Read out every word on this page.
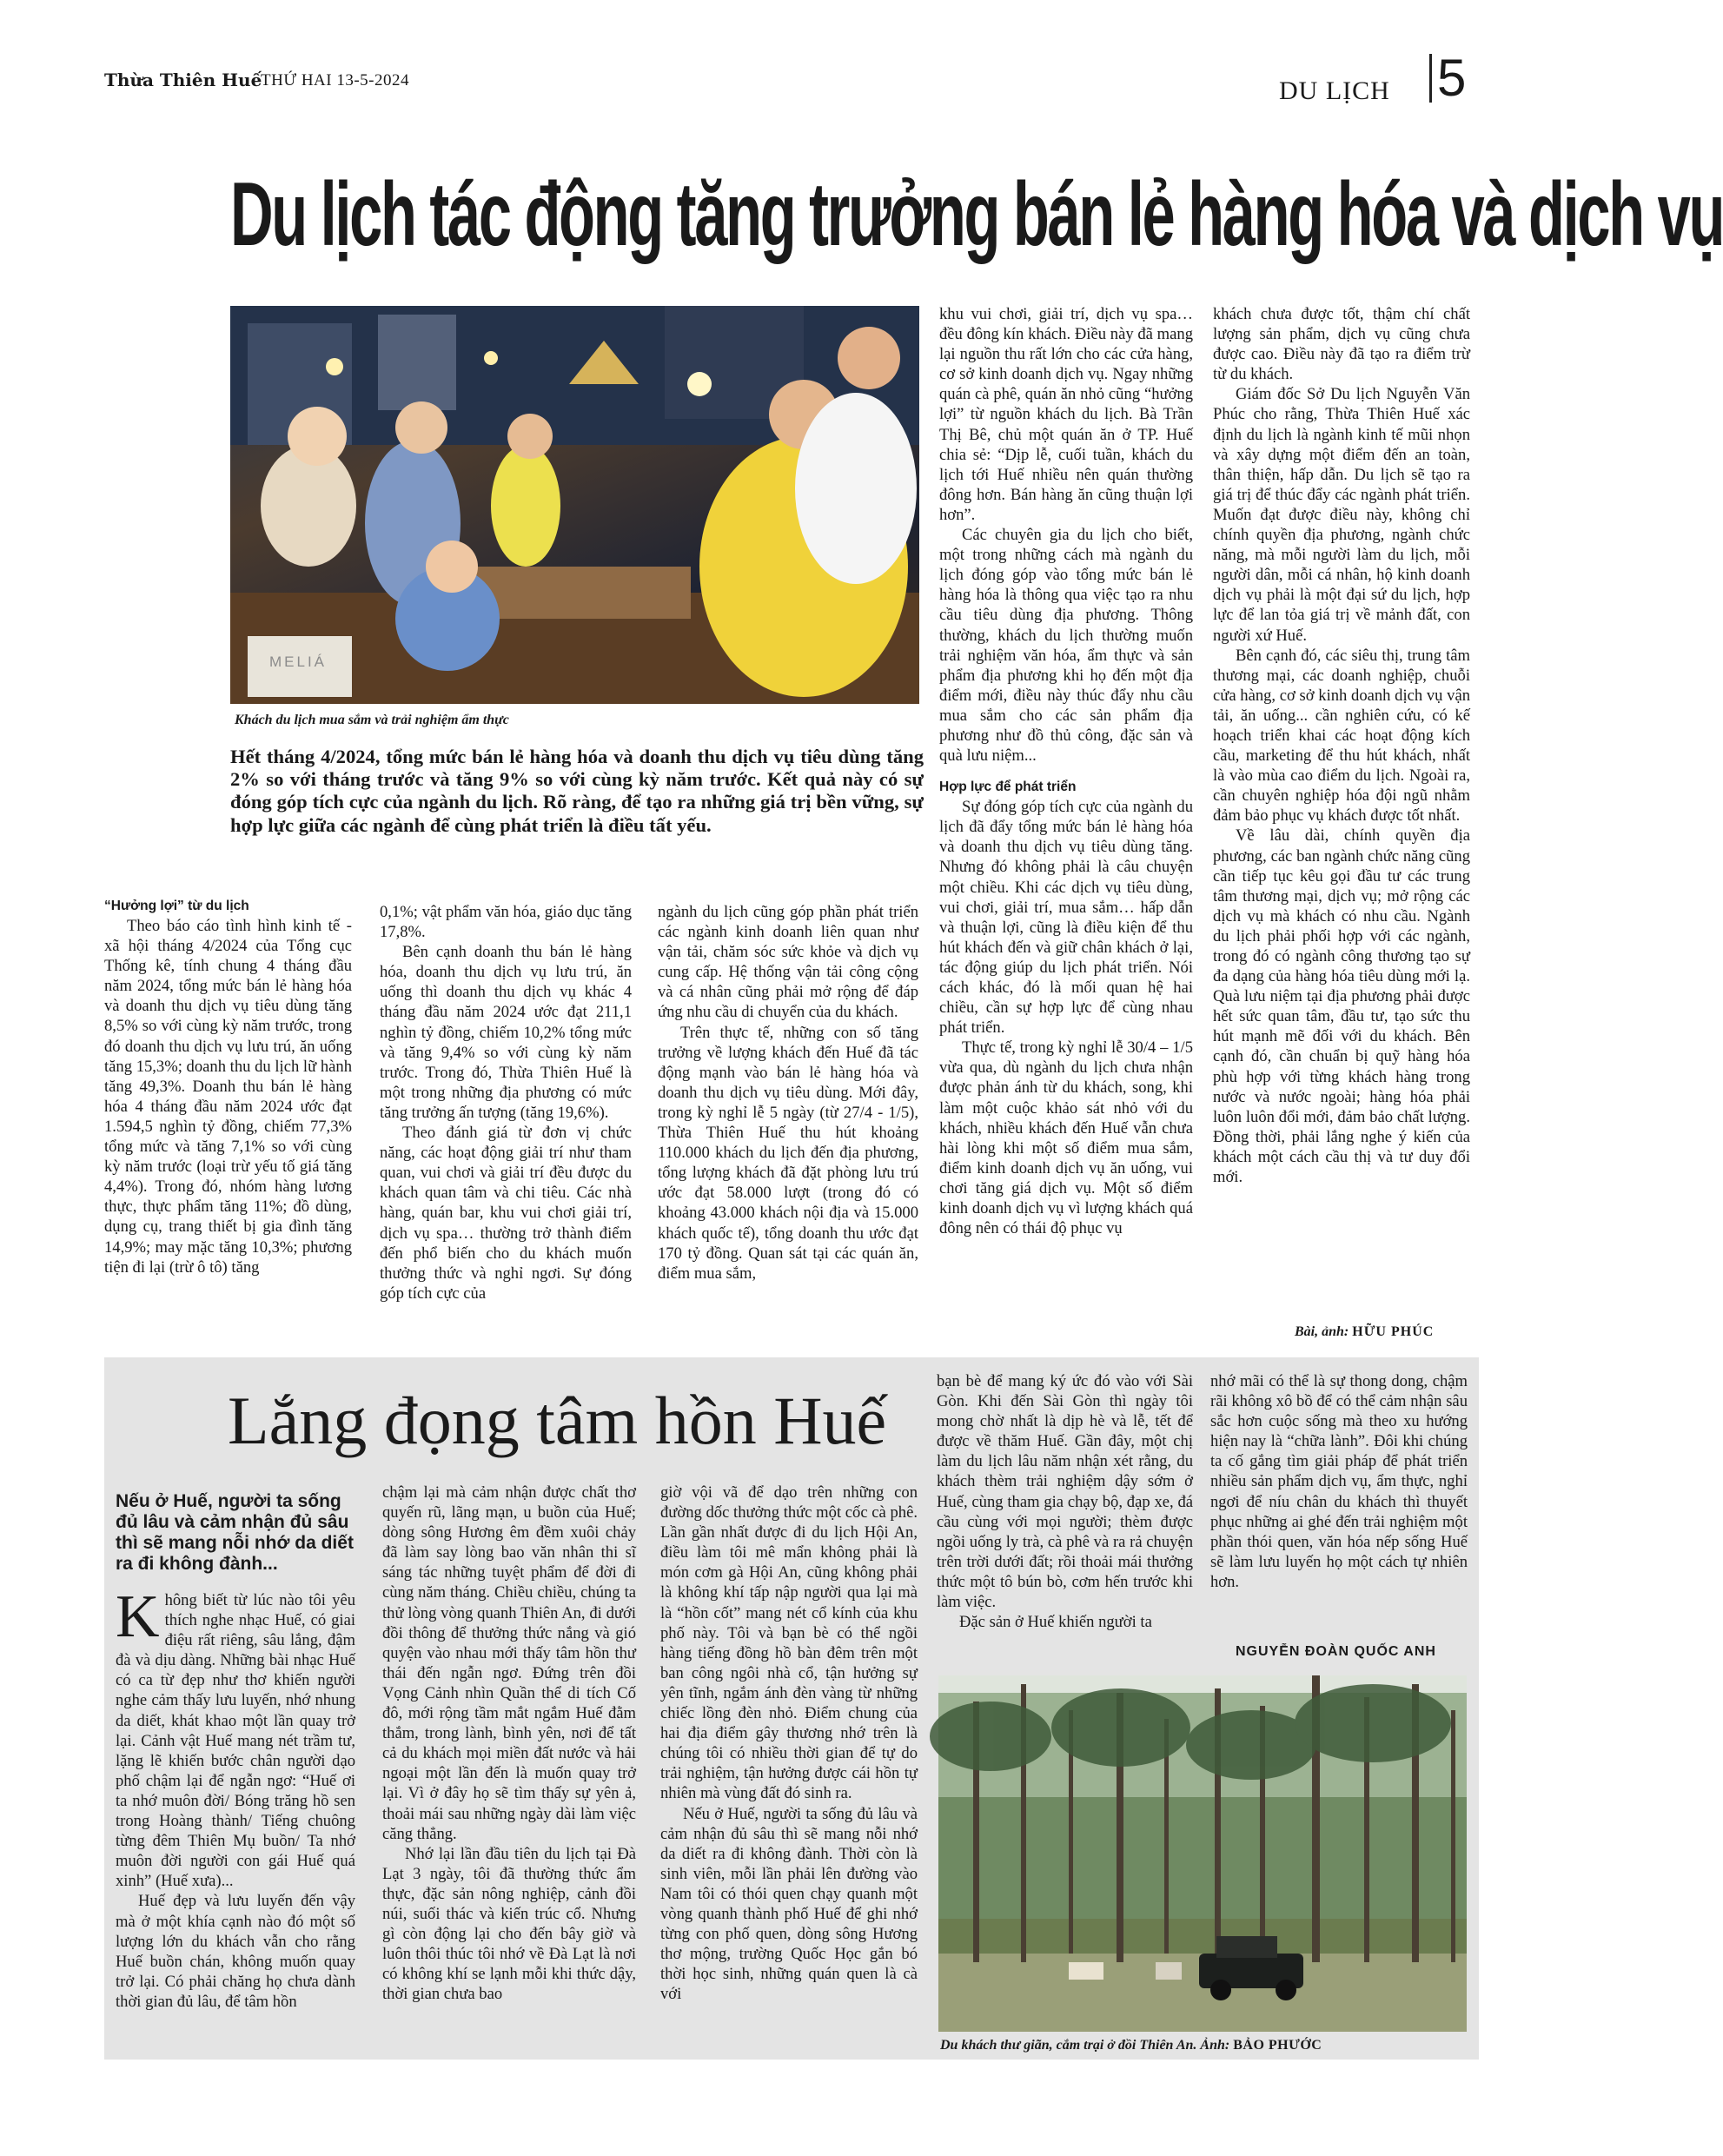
Thừa Thiên Huế
THỨ HAI 13-5-2024	DU LỊCH 5
Du lịch tác động tăng trưởng bán lẻ hàng hóa và dịch vụ
MELIÁ
Khách du lịch mua sắm và trải nghiệm ẩm thực
Hết tháng 4/2024, tổng mức bán lẻ hàng hóa và doanh thu dịch vụ tiêu dùng tăng 2% so với tháng trước và tăng 9% so với cùng kỳ năm trước. Kết quả này có sự đóng góp tích cực của ngành du lịch. Rõ ràng, để tạo ra những giá trị bền vững, sự hợp lực giữa các ngành để cùng phát triển là điều tất yếu.

khu vui chơi, giải trí, dịch vụ spa… đều đông kín khách. Điều này đã mang lại nguồn thu rất lớn cho các cửa hàng, cơ sở kinh doanh dịch vụ. Ngay những quán cà phê, quán ăn nhỏ cũng “hưởng lợi” từ nguồn khách du lịch. Bà Trần Thị Bê, chủ một quán ăn ở TP. Huế chia sẻ: “Dịp lễ, cuối tuần, khách du lịch tới Huế nhiều nên quán thường đông hơn. Bán hàng ăn cũng thuận lợi hơn”.

Các chuyên gia du lịch cho biết, một trong những cách mà ngành du lịch đóng góp vào tổng mức bán lẻ hàng hóa là thông qua việc tạo ra nhu cầu tiêu dùng địa phương. Thông thường, khách du lịch thường muốn trải nghiệm văn hóa, ẩm thực và sản phẩm địa phương khi họ đến một địa điểm mới, điều này thúc đẩy nhu cầu mua sắm cho các sản phẩm địa phương như đồ thủ công, đặc sản và quà lưu niệm...

Hợp lực để phát triển

Sự đóng góp tích cực của ngành du lịch đã đẩy tổng mức bán lẻ hàng hóa và doanh thu dịch vụ tiêu dùng tăng. Nhưng đó không phải là câu chuyện một chiều. Khi các dịch vụ tiêu dùng, vui chơi, giải trí, mua sắm… hấp dẫn và thuận lợi, cũng là điều kiện để thu hút khách đến và giữ chân khách ở lại, tác động giúp du lịch phát triển. Nói cách khác, đó là mối quan hệ hai chiều, cần sự hợp lực để cùng nhau phát triển.

Thực tế, trong kỳ nghỉ lễ 30/4 – 1/5 vừa qua, dù ngành du lịch chưa nhận được phản ánh từ du khách, song, khi làm một cuộc khảo sát nhỏ với du khách, nhiều khách đến Huế vẫn chưa hài lòng khi một số điểm mua sắm, điểm kinh doanh dịch vụ ăn uống, vui chơi tăng giá dịch vụ. Một số điểm kinh doanh dịch vụ vì lượng khách quá đông nên có thái độ phục vụ

khách chưa được tốt, thậm chí chất lượng sản phẩm, dịch vụ cũng chưa được cao. Điều này đã tạo ra điểm trừ từ du khách.

Giám đốc Sở Du lịch Nguyễn Văn Phúc cho rằng, Thừa Thiên Huế xác định du lịch là ngành kinh tế mũi nhọn và xây dựng một điểm đến an toàn, thân thiện, hấp dẫn. Du lịch sẽ tạo ra giá trị để thúc đẩy các ngành phát triển. Muốn đạt được điều này, không chỉ chính quyền địa phương, ngành chức năng, mà mỗi người làm du lịch, mỗi người dân, mỗi cá nhân, hộ kinh doanh dịch vụ phải là một đại sứ du lịch, hợp lực để lan tỏa giá trị về mảnh đất, con người xứ Huế.

Bên cạnh đó, các siêu thị, trung tâm thương mại, các doanh nghiệp, chuỗi cửa hàng, cơ sở kinh doanh dịch vụ vận tải, ăn uống... cần nghiên cứu, có kế hoạch triển khai các hoạt động kích cầu, marketing để thu hút khách, nhất là vào mùa cao điểm du lịch. Ngoài ra, cần chuyên nghiệp hóa đội ngũ nhằm đảm bảo phục vụ khách được tốt nhất.

Về lâu dài, chính quyền địa phương, các ban ngành chức năng cũng cần tiếp tục kêu gọi đầu tư các trung tâm thương mại, dịch vụ; mở rộng các dịch vụ mà khách có nhu cầu. Ngành du lịch phải phối hợp với các ngành, trong đó có ngành công thương tạo sự đa dạng của hàng hóa tiêu dùng mới lạ. Quà lưu niệm tại địa phương phải được hết sức quan tâm, đầu tư, tạo sức thu hút mạnh mẽ đối với du khách. Bên cạnh đó, cần chuẩn bị quỹ hàng hóa phù hợp với từng khách hàng trong nước và nước ngoài; hàng hóa phải luôn luôn đổi mới, đảm bảo chất lượng. Đồng thời, phải lắng nghe ý kiến của khách một cách cầu thị và tư duy đổi mới.

“Hưởng lợi” từ du lịch

Theo báo cáo tình hình kinh tế - xã hội tháng 4/2024 của Tổng cục Thống kê, tính chung 4 tháng đầu năm 2024, tổng mức bán lẻ hàng hóa và doanh thu dịch vụ tiêu dùng tăng 8,5% so với cùng kỳ năm trước, trong đó doanh thu dịch vụ lưu trú, ăn uống tăng 15,3%; doanh thu du lịch lữ hành tăng 49,3%. Doanh thu bán lẻ hàng hóa 4 tháng đầu năm 2024 ước đạt 1.594,5 nghìn tỷ đồng, chiếm 77,3% tổng mức và tăng 7,1% so với cùng kỳ năm trước (loại trừ yếu tố giá tăng 4,4%). Trong đó, nhóm hàng lương thực, thực phẩm tăng 11%; đồ dùng, dụng cụ, trang thiết bị gia đình tăng 14,9%; may mặc tăng 10,3%; phương tiện đi lại (trừ ô tô) tăng

0,1%; vật phẩm văn hóa, giáo dục tăng 17,8%.

Bên cạnh doanh thu bán lẻ hàng hóa, doanh thu dịch vụ lưu trú, ăn uống thì doanh thu dịch vụ khác 4 tháng đầu năm 2024 ước đạt 211,1 nghìn tỷ đồng, chiếm 10,2% tổng mức và tăng 9,4% so với cùng kỳ năm trước. Trong đó, Thừa Thiên Huế là một trong những địa phương có mức tăng trưởng ấn tượng (tăng 19,6%).

Theo đánh giá từ đơn vị chức năng, các hoạt động giải trí như tham quan, vui chơi và giải trí đều được du khách quan tâm và chi tiêu. Các nhà hàng, quán bar, khu vui chơi giải trí, dịch vụ spa… thường trở thành điểm đến phổ biến cho du khách muốn thưởng thức và nghỉ ngơi. Sự đóng góp tích cực của

ngành du lịch cũng góp phần phát triển các ngành kinh doanh liên quan như vận tải, chăm sóc sức khỏe và dịch vụ cung cấp. Hệ thống vận tải công cộng và cá nhân cũng phải mở rộng để đáp ứng nhu cầu di chuyển của du khách.

Trên thực tế, những con số tăng trưởng về lượng khách đến Huế đã tác động mạnh vào bán lẻ hàng hóa và doanh thu dịch vụ tiêu dùng. Mới đây, trong kỳ nghỉ lễ 5 ngày (từ 27/4 - 1/5), Thừa Thiên Huế thu hút khoảng 110.000 khách du lịch đến địa phương, tổng lượng khách đã đặt phòng lưu trú ước đạt 58.000 lượt (trong đó có khoảng 43.000 khách nội địa và 15.000 khách quốc tế), tổng doanh thu ước đạt 170 tỷ đồng. Quan sát tại các quán ăn, điểm mua sắm,

Bài, ảnh: HỮU PHÚC
Lắng đọng tâm hồn Huế
Nếu ở Huế, người ta sống đủ lâu và cảm nhận đủ sâu thì sẽ mang nỗi nhớ da diết ra đi không đành...

Không biết từ lúc nào tôi yêu thích nghe nhạc Huế, có giai điệu rất riêng, sâu lắng, đậm đà và dịu dàng. Những bài nhạc Huế có ca từ đẹp như thơ khiến người nghe cảm thấy lưu luyến, nhớ nhung da diết, khát khao một lần quay trở lại. Cảnh vật Huế mang nét trầm tư, lặng lẽ khiến bước chân người dạo phố chậm lại để ngẫn ngơ: “Huế ơi ta nhớ muôn đời/ Bóng trăng hồ sen trong Hoàng thành/ Tiếng chuông từng đêm Thiên Mụ buồn/ Ta nhớ muôn đời người con gái Huế quá xinh” (Huế xưa)...

Huế đẹp và lưu luyến đến vậy mà ở một khía cạnh nào đó một số lượng lớn du khách vẫn cho rằng Huế buồn chán, không muốn quay trở lại. Có phải chăng họ chưa dành thời gian đủ lâu, để tâm hồn

chậm lại mà cảm nhận được chất thơ quyến rũ, lãng mạn, u buồn của Huế; dòng sông Hương êm đềm xuôi chảy đã làm say lòng bao văn nhân thi sĩ sáng tác những tuyệt phẩm để đời đi cùng năm tháng. Chiều chiều, chúng ta thử lòng vòng quanh Thiên An, đi dưới đồi thông để thưởng thức nắng và gió quyện vào nhau mới thấy tâm hồn thư thái đến ngẫn ngơ. Đứng trên đồi Vọng Cảnh nhìn Quần thể di tích Cố đô, mới rộng tầm mắt ngắm Huế đằm thắm, trong lành, bình yên, nơi để tất cả du khách mọi miền đất nước và hải ngoại một lần đến là muốn quay trở lại. Vì ở đây họ sẽ tìm thấy sự yên ả, thoải mái sau những ngày dài làm việc căng thẳng.

Nhớ lại lần đầu tiên du lịch tại Đà Lạt 3 ngày, tôi đã thường thức ẩm thực, đặc sản nông nghiệp, cảnh đồi núi, suối thác và kiến trúc cổ. Nhưng gì còn động lại cho đến bây giờ và luôn thôi thúc tôi nhớ về Đà Lạt là nơi có không khí se lạnh mỗi khi thức dậy, thời gian chưa bao

giờ vội vã để dạo trên những con đường dốc thưởng thức một cốc cà phê. Lần gần nhất được đi du lịch Hội An, điều làm tôi mê mẩn không phải là món cơm gà Hội An, cũng không phải là không khí tấp nập người qua lại mà là “hồn cốt” mang nét cổ kính của khu phố này. Tôi và bạn bè có thể ngồi hàng tiếng đồng hồ bàn đêm trên một ban công ngôi nhà cổ, tận hưởng sự yên tĩnh, ngắm ánh đèn vàng từ những chiếc lồng đèn nhỏ. Điểm chung của hai địa điểm gây thương nhớ trên là chúng tôi có nhiều thời gian để tự do trải nghiệm, tận hưởng được cái hồn tự nhiên mà vùng đất đó sinh ra.

Nếu ở Huế, người ta sống đủ lâu và cảm nhận đủ sâu thì sẽ mang nỗi nhớ da diết ra đi không đành. Thời còn là sinh viên, mỗi lần phải lên đường vào Nam tôi có thói quen chạy quanh một vòng quanh thành phố Huế để ghi nhớ từng con phố quen, dòng sông Hương thơ mộng, trường Quốc Học gắn bó thời học sinh, những quán quen là cà với

bạn bè để mang ký ức đó vào với Sài Gòn. Khi đến Sài Gòn thì ngày tôi mong chờ nhất là dịp hè và lễ, tết để được về thăm Huế. Gần đây, một chị làm du lịch lâu năm nhận xét rằng, du khách thèm trải nghiệm dậy sớm ở Huế, cùng tham gia chạy bộ, đạp xe, đá cầu cùng với mọi người; thèm được ngồi uống ly trà, cà phê và ra rả chuyện trên trời dưới đất; rồi thoải mái thưởng thức một tô bún bò, cơm hến trước khi làm việc.

Đặc sản ở Huế khiến người ta

nhớ mãi có thể là sự thong dong, chậm rãi không xô bồ để có thể cảm nhận sâu sắc hơn cuộc sống mà theo xu hướng hiện nay là “chữa lành”. Đôi khi chúng ta cố gắng tìm giải pháp để phát triển nhiều sản phẩm dịch vụ, ẩm thực, nghỉ ngơi để níu chân du khách thì thuyết phục những ai ghé đến trải nghiệm một phần thói quen, văn hóa nếp sống Huế sẽ làm lưu luyến họ một cách tự nhiên hơn.

NGUYỄN ĐOÀN QUỐC ANH
Du khách thư giãn, cắm trại ở đồi Thiên An. Ảnh: BẢO PHƯỚC
